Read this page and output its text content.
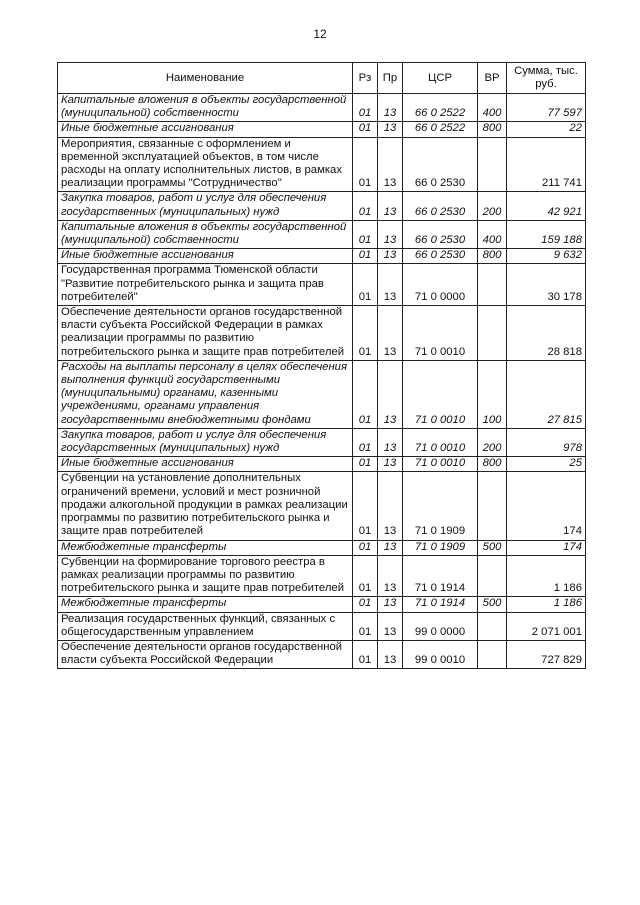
12
Наименование	Рз	Пр	ЦСР	ВР	Сумма, тыс. руб.
Капитальные вложения в объекты государственной (муниципальной) собственности	01	13	66 0 2522	400	77 597
Иные бюджетные ассигнования	01	13	66 0 2522	800	22
Мероприятия, связанные с оформлением и временной эксплуатацией объектов, в том числе расходы на оплату исполнительных листов, в рамках реализации программы "Сотрудничество"	01	13	66 0 2530		211 741
Закупка товаров, работ и услуг для обеспечения государственных (муниципальных) нужд	01	13	66 0 2530	200	42 921
Капитальные вложения в объекты государственной (муниципальной) собственности	01	13	66 0 2530	400	159 188
Иные бюджетные ассигнования	01	13	66 0 2530	800	9 632
Государственная программа Тюменской области "Развитие потребительского рынка и защита прав потребителей"	01	13	71 0 0000		30 178
Обеспечение деятельности органов государственной власти субъекта Российской Федерации в рамках реализации программы по развитию потребительского рынка и защите прав потребителей	01	13	71 0 0010		28 818
Расходы на выплаты персоналу в целях обеспечения выполнения функций государственными (муниципальными) органами, казенными учреждениями, органами управления государственными внебюджетными фондами	01	13	71 0 0010	100	27 815
Закупка товаров, работ и услуг для обеспечения государственных (муниципальных) нужд	01	13	71 0 0010	200	978
Иные бюджетные ассигнования	01	13	71 0 0010	800	25
Субвенции на установление дополнительных ограничений времени, условий и мест розничной продажи алкогольной продукции в рамках реализации программы по развитию потребительского рынка и защите прав потребителей	01	13	71 0 1909		174
Межбюджетные трансферты	01	13	71 0 1909	500	174
Субвенции на формирование торгового реестра в рамках реализации программы по развитию потребительского рынка и защите прав потребителей	01	13	71 0 1914		1 186
Межбюджетные трансферты	01	13	71 0 1914	500	1 186
Реализация государственных функций, связанных с общегосударственным управлением	01	13	99 0 0000		2 071 001
Обеспечение деятельности органов государственной власти субъекта Российской Федерации	01	13	99 0 0010		727 829
